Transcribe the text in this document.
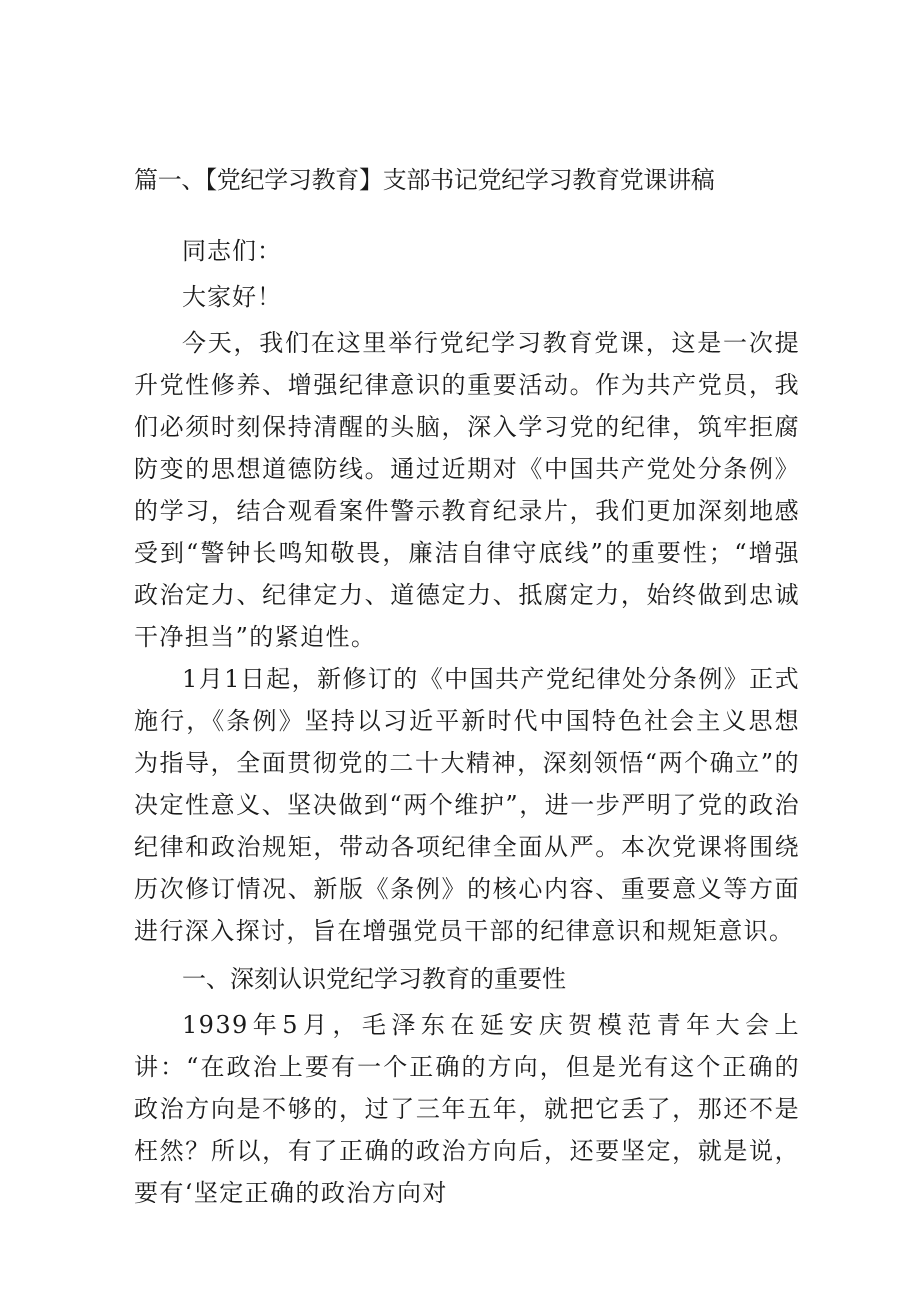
篇一、【党纪学习教育】支部书记党纪学习教育党课讲稿

同志们：

大家好！

今天，我们在这里举行党纪学习教育党课，这是一次提升党性修养、增强纪律意识的重要活动。作为共产党员，我们必须时刻保持清醒的头脑，深入学习党的纪律，筑牢拒腐防变的思想道德防线。通过近期对《中国共产党处分条例》的学习，结合观看案件警示教育纪录片，我们更加深刻地感受到“警钟长鸣知敬畏，廉洁自律守底线”的重要性；“增强政治定力、纪律定力、道德定力、抵腐定力，始终做到忠诚干净担当”的紧迫性。

1月1日起，新修订的《中国共产党纪律处分条例》正式施行，《条例》坚持以习近平新时代中国特色社会主义思想为指导，全面贯彻党的二十大精神，深刻领悟“两个确立”的决定性意义、坚决做到“两个维护”，进一步严明了党的政治纪律和政治规矩，带动各项纪律全面从严。本次党课将围绕历次修订情况、新版《条例》的核心内容、重要意义等方面进行深入探讨，旨在增强党员干部的纪律意识和规矩意识。

一、深刻认识党纪学习教育的重要性

1939年5月，毛泽东在延安庆贺模范青年大会上讲：“在政治上要有一个正确的方向，但是光有这个正确的政治方向是不够的，过了三年五年，就把它丢了，那还不是枉然？所以，有了正确的政治方向后，还要坚定，就是说，要有‘坚定正确的政治方向对
